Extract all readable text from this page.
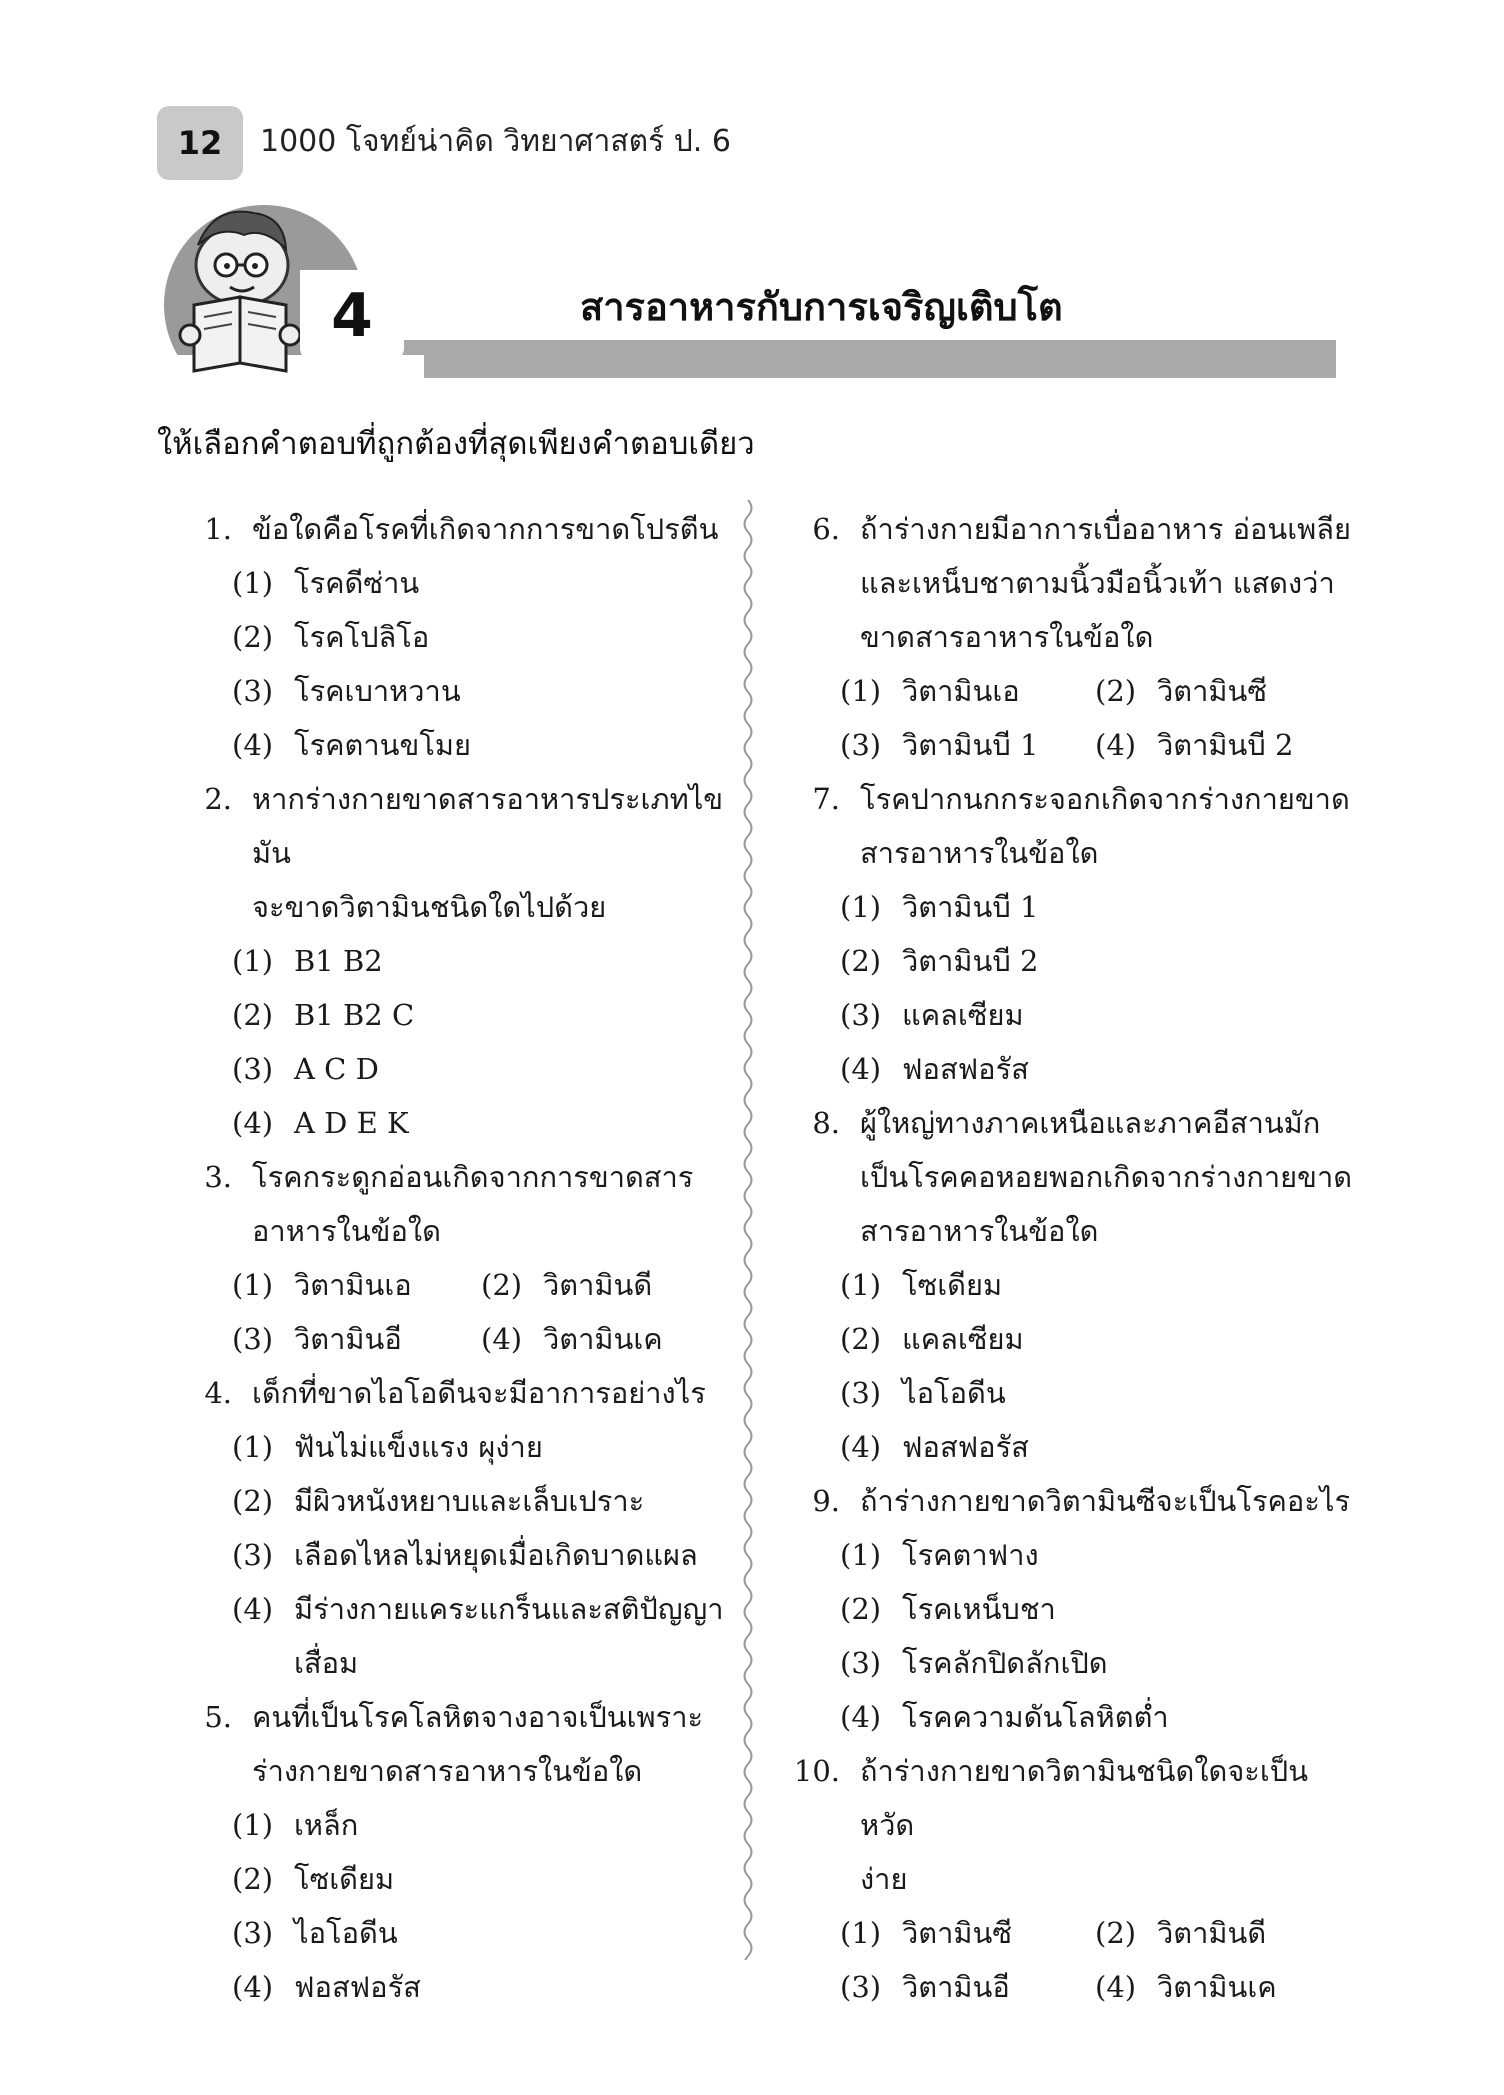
12	1000 โจทย์น่าคิด วิทยาศาสตร์ ป. 6
4	สารอาหารกับการเจริญเติบโต
ให้เลือกคำตอบที่ถูกต้องที่สุดเพียงคำตอบเดียว
1. ข้อใดคือโรคที่เกิดจากการขาดโปรตีน
(1) โรคดีซ่าน
(2) โรคโปลิโอ
(3) โรคเบาหวาน
(4) โรคตานขโมย
2. หากร่างกายขาดสารอาหารประเภทไขมัน
จะขาดวิตามินชนิดใดไปด้วย
(1) B1 B2
(2) B1 B2 C
(3) A C D
(4) A D E K
3. โรคกระดูกอ่อนเกิดจากการขาดสาร
อาหารในข้อใด
(1) วิตามินเอ	(2) วิตามินดี
(3) วิตามินอี	(4) วิตามินเค
4. เด็กที่ขาดไอโอดีนจะมีอาการอย่างไร
(1) ฟันไม่แข็งแรง ผุง่าย
(2) มีผิวหนังหยาบและเล็บเปราะ
(3) เลือดไหลไม่หยุดเมื่อเกิดบาดแผล
(4) มีร่างกายแคระแกร็นและสติปัญญาเสื่อม
5. คนที่เป็นโรคโลหิตจางอาจเป็นเพราะ
ร่างกายขาดสารอาหารในข้อใด
(1) เหล็ก
(2) โซเดียม
(3) ไอโอดีน
(4) ฟอสฟอรัส
6. ถ้าร่างกายมีอาการเบื่ออาหาร อ่อนเพลีย
และเหน็บชาตามนิ้วมือนิ้วเท้า แสดงว่า
ขาดสารอาหารในข้อใด
(1) วิตามินเอ	(2) วิตามินซี
(3) วิตามินบี 1	(4) วิตามินบี 2
7. โรคปากนกกระจอกเกิดจากร่างกายขาด
สารอาหารในข้อใด
(1) วิตามินบี 1
(2) วิตามินบี 2
(3) แคลเซียม
(4) ฟอสฟอรัส
8. ผู้ใหญ่ทางภาคเหนือและภาคอีสานมัก
เป็นโรคคอหอยพอกเกิดจากร่างกายขาด
สารอาหารในข้อใด
(1) โซเดียม
(2) แคลเซียม
(3) ไอโอดีน
(4) ฟอสฟอรัส
9. ถ้าร่างกายขาดวิตามินซีจะเป็นโรคอะไร
(1) โรคตาฟาง
(2) โรคเหน็บชา
(3) โรคลักปิดลักเปิด
(4) โรคความดันโลหิตต่ำ
10. ถ้าร่างกายขาดวิตามินชนิดใดจะเป็นหวัด
ง่าย
(1) วิตามินซี	(2) วิตามินดี
(3) วิตามินอี	(4) วิตามินเค
